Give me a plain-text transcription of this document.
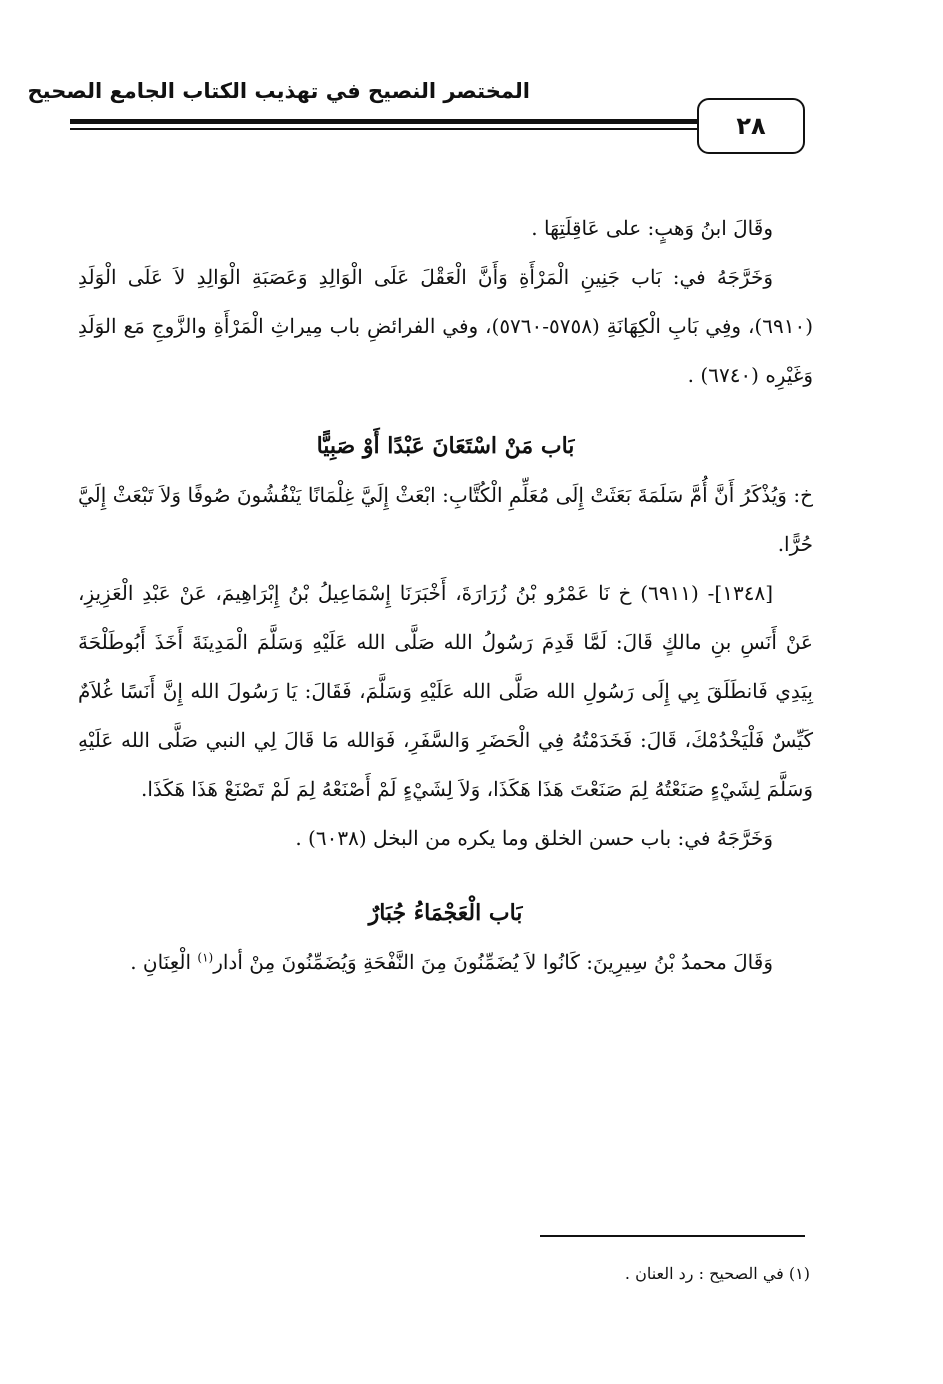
المختصر النصيح في تهذيب الكتاب الجامع الصحيح
٢٨

وقَالَ ابنُ وَهبٍ: على عَاقِلَتِهَا .

وَخَرَّجَهُ في: بَاب جَنِينِ الْمَرْأَةِ وَأَنَّ الْعَقْلَ عَلَى الْوَالِدِ وَعَصَبَةِ الْوَالِدِ لاَ عَلَى الْوَلَدِ (٦٩١٠)، وفِي بَابِ الْكِهَانَةِ (٥٧٥٨-٥٧٦٠)، وفي الفرائضِ باب مِيراثِ الْمَرْأَةِ والزَّوجِ مَع الوَلَدِ وَغَيْرِه (٦٧٤٠) .

بَاب مَنْ اسْتَعَانَ عَبْدًا أَوْ صَبِيًّا

خ: وَيُذْكَرُ أَنَّ أُمَّ سَلَمَةَ بَعَثَتْ إِلَى مُعَلِّمِ الْكُتَّابِ: ابْعَثْ إِلَيَّ غِلْمَانًا يَنْفُشُونَ صُوفًا وَلاَ تَبْعَثْ إِلَيَّ حُرًّا.

[١٣٤٨]- (٦٩١١) خ نَا عَمْرُو بْنُ زُرَارَةَ، أَخْبَرَنَا إِسْمَاعِيلُ بْنُ إِبْرَاهِيمَ، عَنْ عَبْدِ الْعَزِيزِ، عَنْ أَنَسِ بنِ مالكٍ قَالَ: لَمَّا قَدِمَ رَسُولُ الله صَلَّى الله عَلَيْهِ وَسَلَّمَ الْمَدِينَةَ أَخَذَ أَبُوطَلْحَةَ بِيَدِي فَانطَلَقَ بِي إِلَى رَسُولِ الله صَلَّى الله عَلَيْهِ وَسَلَّمَ، فَقَالَ: يَا رَسُولَ الله إِنَّ أَنَسًا غُلاَمٌ كَيِّسٌ فَلْيَخْدُمْكَ، قَالَ: فَخَدَمْتُهُ فِي الْحَضَرِ وَالسَّفَرِ، فَوَالله مَا قَالَ لِي النبي صَلَّى الله عَلَيْهِ وَسَلَّمَ لِشَيْءٍ صَنَعْتُهُ لِمَ صَنَعْتَ هَذَا هَكَذَا، وَلاَ لِشَيْءٍ لَمْ أَصْنَعْهُ لِمَ لَمْ تَصْنَعْ هَذَا هَكَذَا.

وَخَرَّجَهُ في: باب حسن الخلق وما يكره من البخل (٦٠٣٨) .

بَاب الْعَجْمَاءُ جُبَارٌ

وَقَالَ محمدُ بْنُ سِيرِينَ: كَانُوا لاَ يُضَمِّنُونَ مِنَ النَّفْحَةِ وَيُضَمِّنُونَ مِنْ أدار$^{(١)}$ الْعِنَانِ .

(١) في الصحيح : رد العنان .
